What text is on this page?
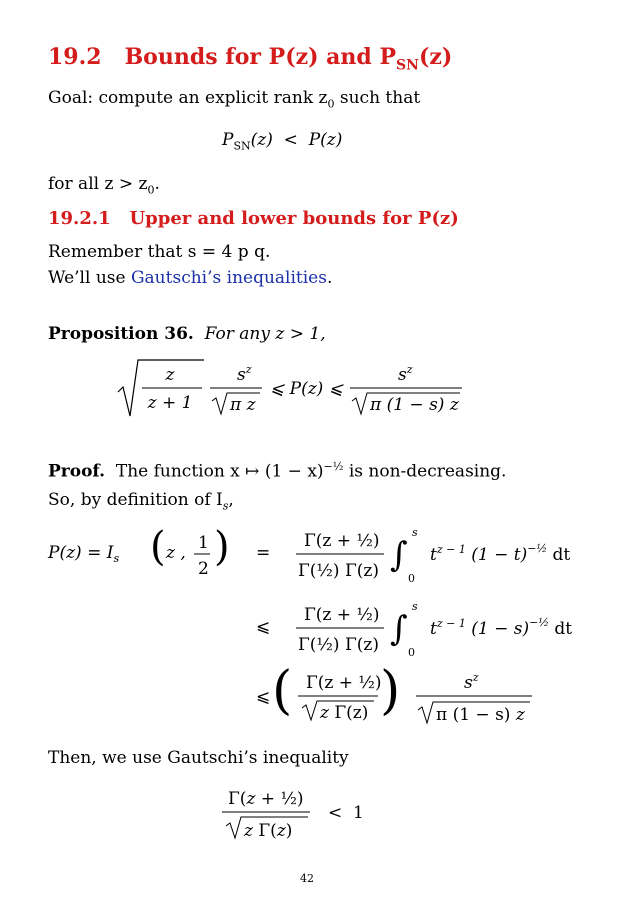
19.2 Bounds for P(z) and $P_{SN}(z)$
Goal: compute an explicit rank $z_0$ such that
$P_{SN}(z) < P(z)$
for all $z > z_0$.
19.2.1 Upper and lower bounds for P(z)
Remember that s = 4 p q.
We’ll use Gautschi’s inequalities.
Proposition 36. For any z > 1,
z
z + 1
$s^z$
π z
⩽ P(z) ⩽
$s^z$
π (1 − s) z
Proof. The function x ↦ $(1 - x)^{-\frac{1}{2}}$ is non-decreasing.
So, by definition of $I_s$,
$P(z) = I_s$ ( z , 1
2 ) =
Γ(z + ½)
Γ(½) Γ(z) ∫
s
0
$t^{z - 1}$ $(1 - t)^{-\frac{1}{2}}$ dt
⩽
Γ(z + ½)
Γ(½) Γ(z) ∫
s
0
$t^{z - 1}$ $(1 - s)^{-\frac{1}{2}}$ dt
⩽ ( Γ(z + ½)
z Γ(z) )	$s^z$
π (1 − s) z
Then, we use Gautschi’s inequality
Γ(z + ½)
z Γ(z)
<  1
42
